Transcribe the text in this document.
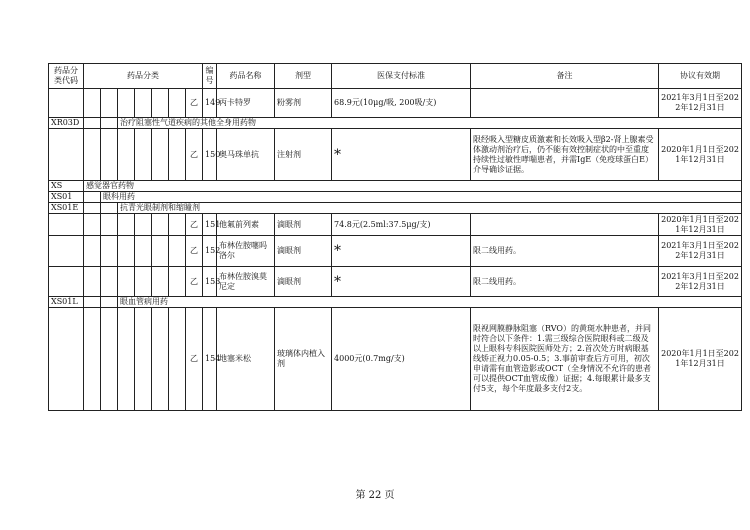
药品分类代码	药品分类							编号	药品名称	剂型	医保支付标准	备注	协议有效期
							乙	149	丙卡特罗	粉雾剂	68.9元(10μg/吸, 200吸/支)		2021年3月1日至2022年12月31日
XR03D			治疗阻塞性气道疾病的其他全身用药物										
							乙	150	奥马珠单抗	注射剂	*	限经吸入型糖皮质激素和长效吸入型β2-肾上腺素受体激动剂治疗后，仍不能有效控制症状的中至重度持续性过敏性哮喘患者，并需IgE（免疫球蛋白E）介导确诊证据。	2020年1月1日至2021年12月31日
XS	感觉器官药物												
XS01		眼科用药											
XS01E			抗青光眼制剂和缩瞳剂										
							乙	151	他氟前列素	滴眼剂	74.8元(2.5ml:37.5μg/支)		2020年1月1日至2021年12月31日
							乙	152	布林佐胺噻吗洛尔	滴眼剂	*	限二线用药。	2021年3月1日至2022年12月31日
							乙	153	布林佐胺溴莫尼定	滴眼剂	*	限二线用药。	2021年3月1日至2022年12月31日
XS01L			眼血管病用药										
							乙	154	地塞米松	玻璃体内植入剂	4000元(0.7mg/支)	限视网膜静脉阻塞（RVO）的黄斑水肿患者，并同时符合以下条件：1.需三级综合医院眼科或二级及以上眼科专科医院医师处方；2.首次处方时病眼基线矫正视力0.05-0.5；3.事前审查后方可用，初次申请需有血管造影或OCT（全身情况不允许的患者可以提供OCT血管成像）证据；4.每眼累计最多支付5支，每个年度最多支付2支。	2020年1月1日至2021年12月31日
第 22 页
